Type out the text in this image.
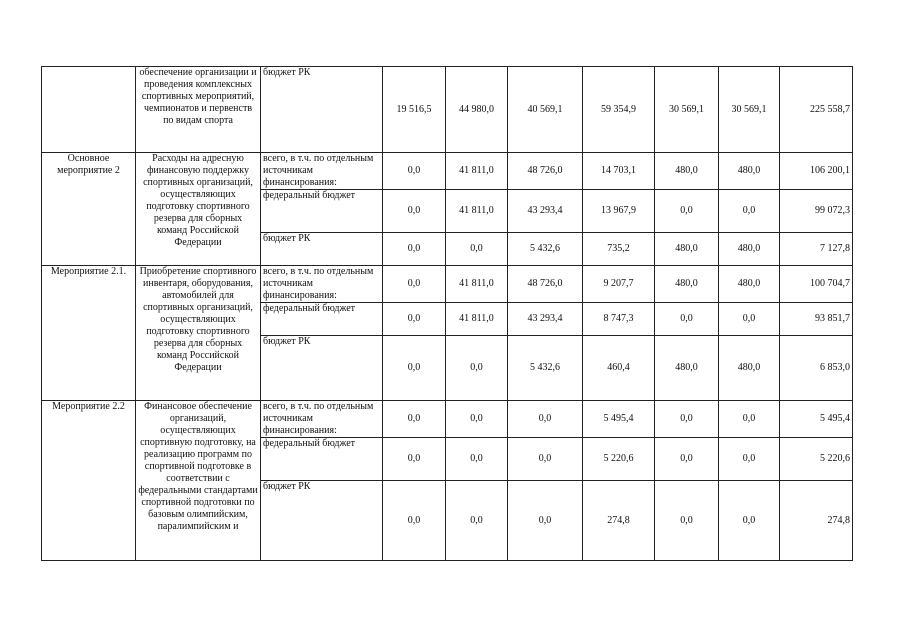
	обеспечение организации и проведения комплексных спортивных мероприятий, чемпионатов и первенств по видам спорта	бюджет РК	19 516,5	44 980,0	40 569,1	59 354,9	30 569,1	30 569,1	225 558,7
Основное мероприятие 2	Расходы на адресную финансовую поддержку спортивных организаций, осуществляющих подготовку спортивного резерва для сборных команд Российской Федерации	всего, в т.ч. по отдельным источникам финансирования:	0,0	41 811,0	48 726,0	14 703,1	480,0	480,0	106 200,1
		федеральный бюджет	0,0	41 811,0	43 293,4	13 967,9	0,0	0,0	99 072,3
		бюджет РК	0,0	0,0	5 432,6	735,2	480,0	480,0	7 127,8
Мероприятие 2.1.	Приобретение спортивного инвентаря, оборудования, автомобилей для спортивных организаций, осуществляющих подготовку спортивного резерва для сборных команд Российской Федерации	всего, в т.ч. по отдельным источникам финансирования:	0,0	41 811,0	48 726,0	9 207,7	480,0	480,0	100 704,7
		федеральный бюджет	0,0	41 811,0	43 293,4	8 747,3	0,0	0,0	93 851,7
		бюджет РК	0,0	0,0	5 432,6	460,4	480,0	480,0	6 853,0
Мероприятие 2.2	Финансовое обеспечение организаций, осуществляющих спортивную подготовку, на реализацию программ по спортивной подготовке в соответствии с федеральными стандартами спортивной подготовки по базовым олимпийским, паралимпийским и	всего, в т.ч. по отдельным источникам финансирования:	0,0	0,0	0,0	5 495,4	0,0	0,0	5 495,4
		федеральный бюджет	0,0	0,0	0,0	5 220,6	0,0	0,0	5 220,6
		бюджет РК	0,0	0,0	0,0	274,8	0,0	0,0	274,8
